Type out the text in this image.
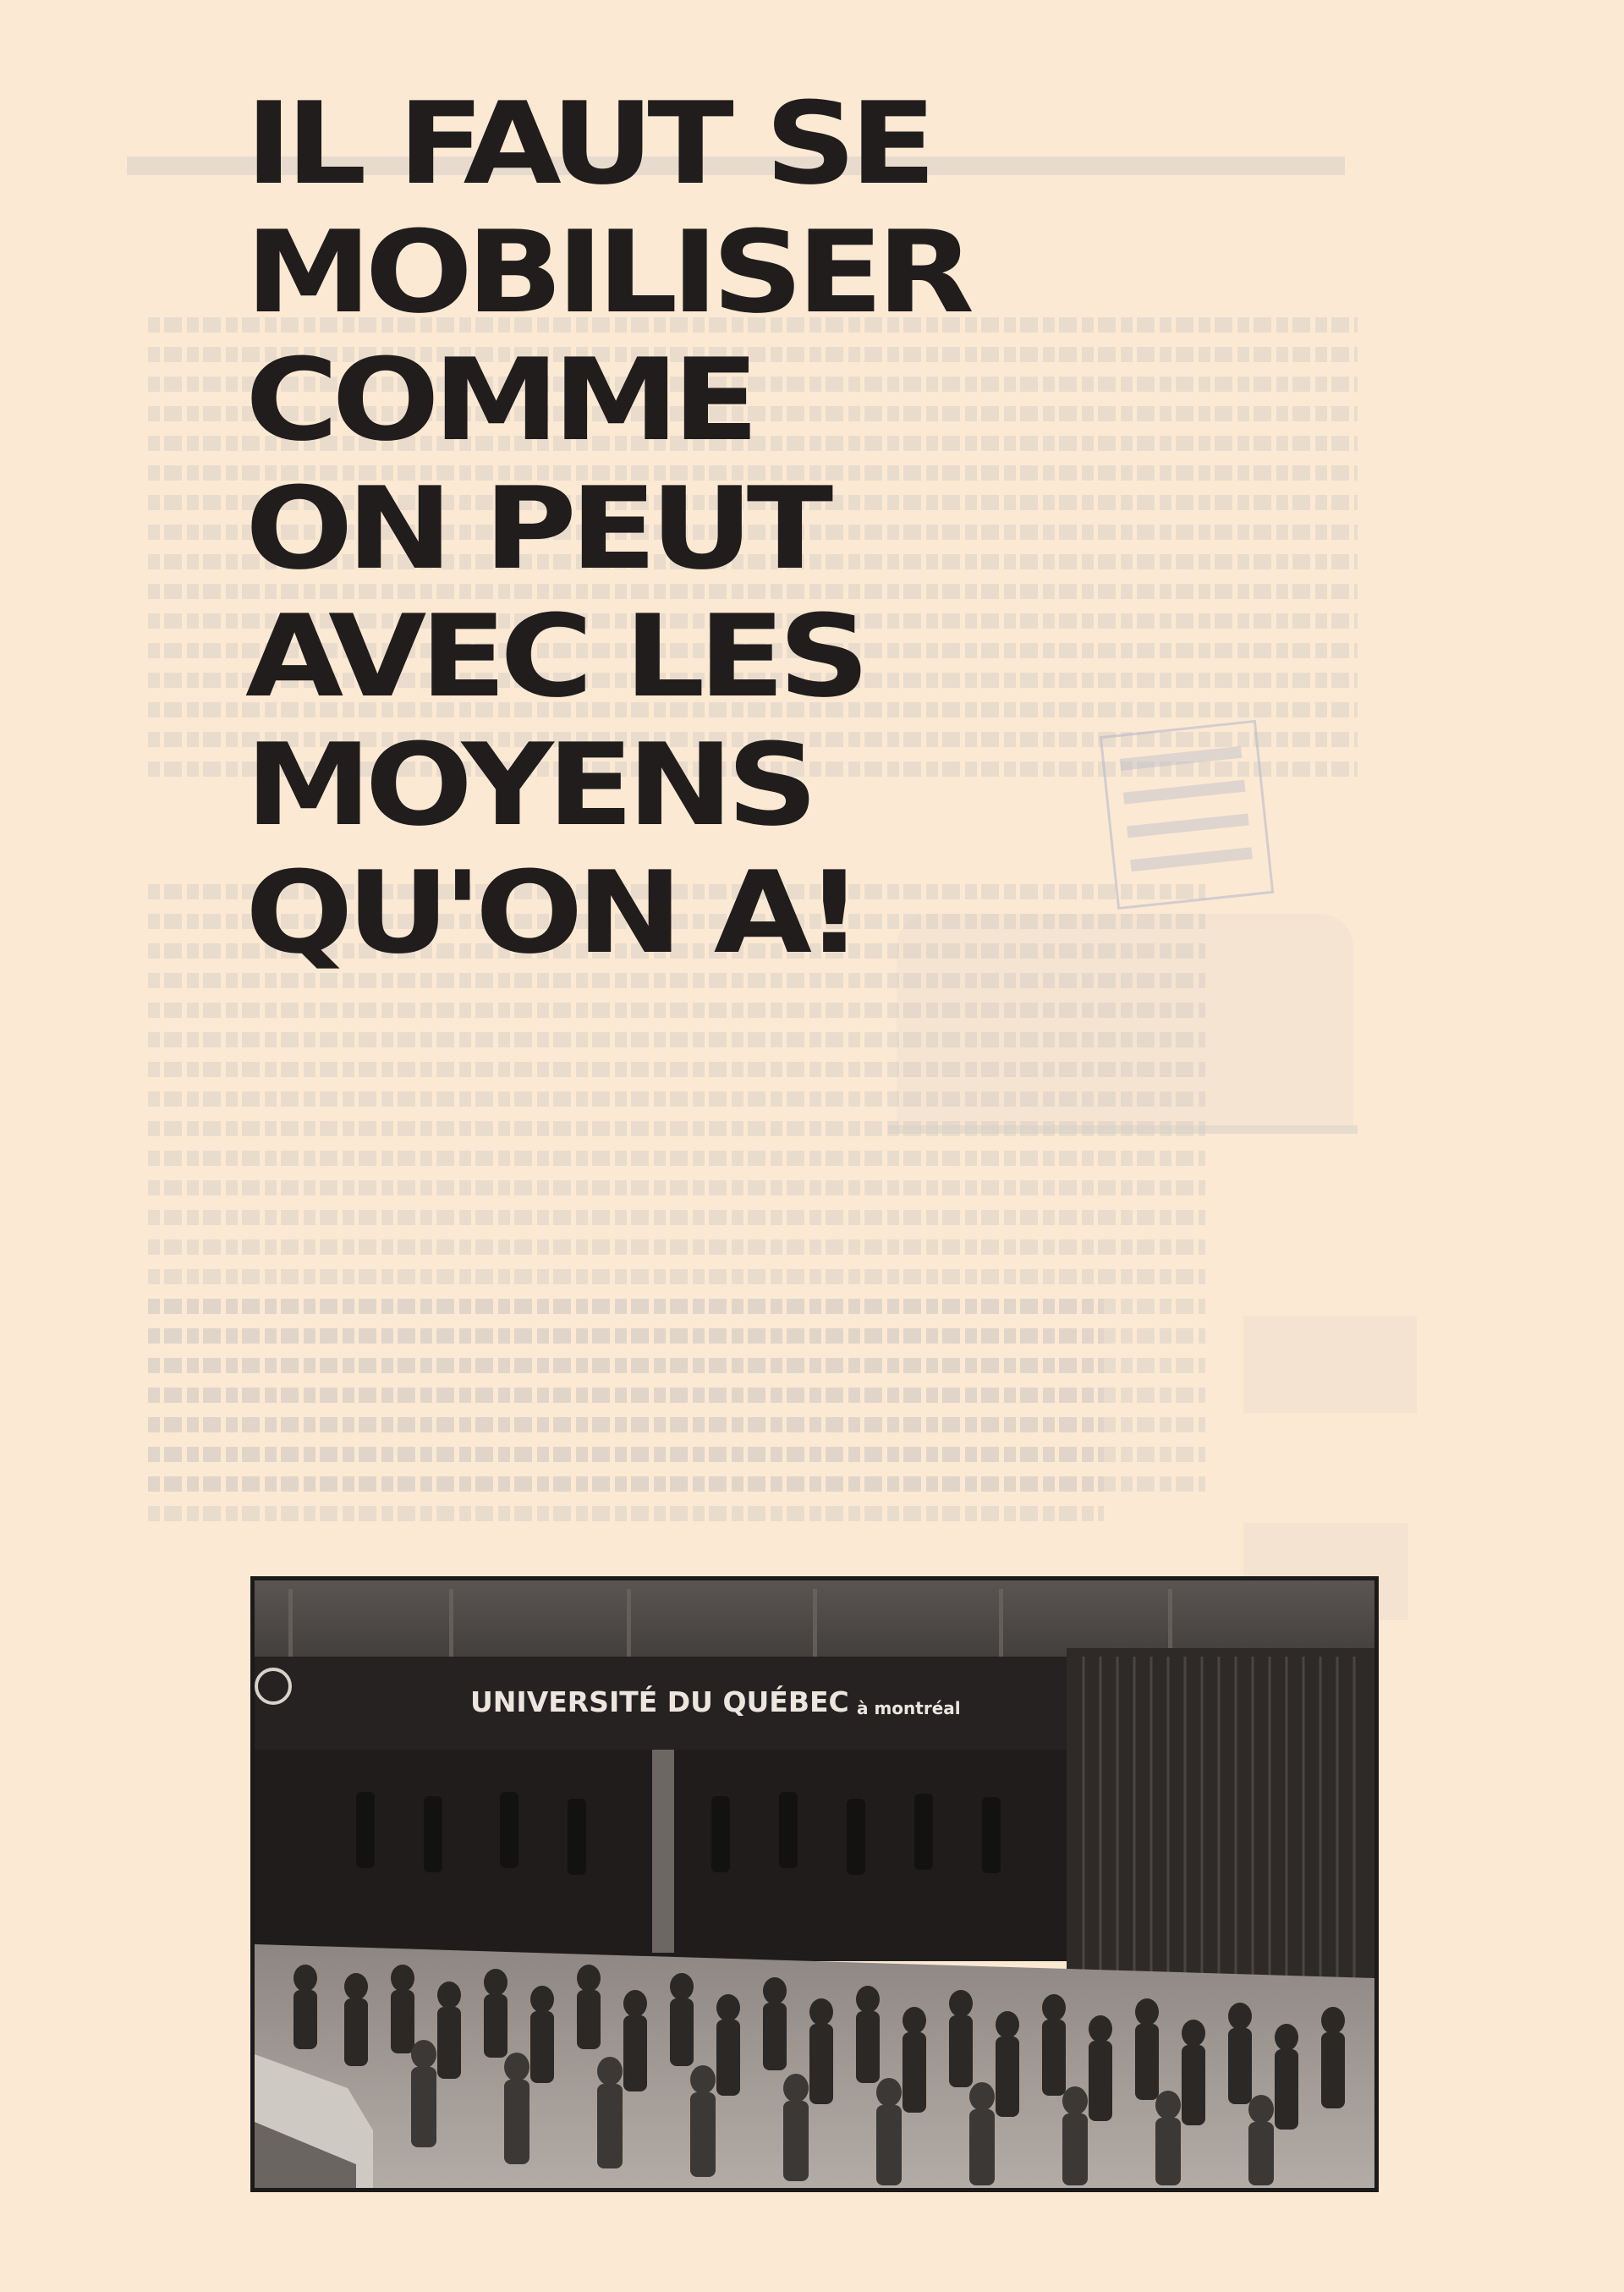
IL FAUT SE
MOBILISER
COMME
ON PEUT
AVEC LES
MOYENS
QU'ON A!
UNIVERSITÉ DU QUÉBEC à montréal
